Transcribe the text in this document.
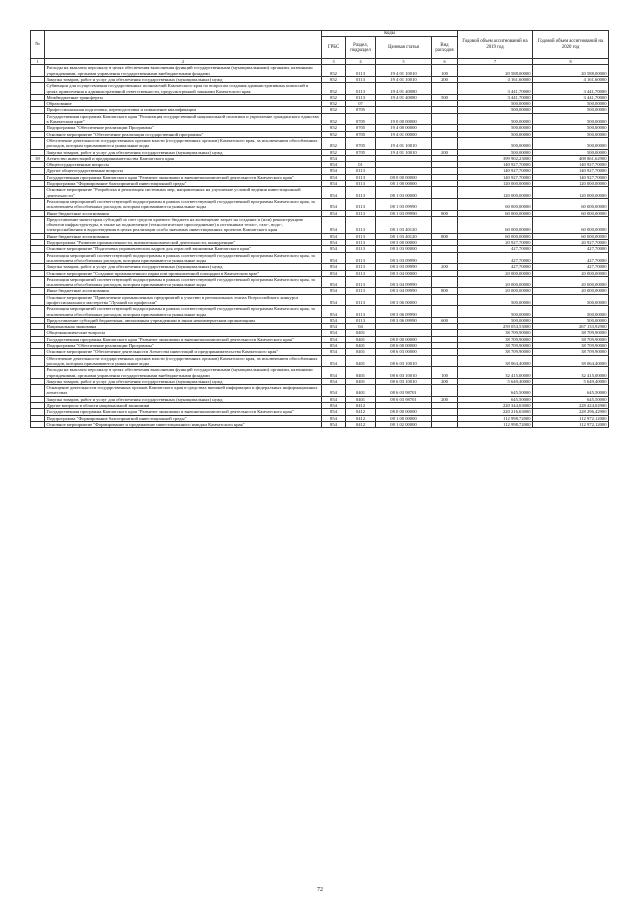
№		Коды				Годовой объем ассигнований на 2019 год	Годовой объем ассигнований на 2020 год
		ГРБС	Раздел, подраздел	Целевая статья	Вид расходов		
1	2	3	4	5	6	7	8
	Расходы на выплаты персоналу в целях обеспечения выполнения функций государственными (муниципальными) органами, казенными учреждениями, органами управления государственными внебюджетными фондами	852	0113	19 4 01 10010	100	20 588,00000	20 588,00000
	Закупка товаров, работ и услуг для обеспечения государственных (муниципальных) нужд	852	0113	19 4 01 10010	200	4 161,60000	4 161,60000
	Субвенции для осуществления государственных полномочий Камчатского края по вопросам создания административных комиссий в целях привлечения к административной ответственности, предусмотренной законами Камчатского края	852	0113	19 4 01 40080		3 441,70000	3 441,70000
	Межбюджетные трансферты	852	0113	19 4 01 40080	500	3 441,70000	3 441,70000
	Образование	852	07			500,00000	500,00000
	Профессиональная подготовка, переподготовка и повышение квалификации	852	0705			500,00000	500,00000
	Государственная программа Камчатского края "Реализация государственной национальной политики и укрепление гражданского единства в Камчатском крае"	852	0705	19 0 00 00000		500,00000	500,00000
	Подпрограмма "Обеспечение реализации Программы"	852	0705	19 4 00 00000		500,00000	500,00000
	Основное мероприятие "Обеспечение реализации государственной программы"	852	0705	19 4 01 00000		500,00000	500,00000
	Обеспечение деятельности государственных органов власти (государственных органов) Камчатского края, за исключением обособленных расходов, которым присваиваются уникальные коды	852	0705	19 4 01 10010		500,00000	500,00000
	Закупка товаров, работ и услуг для обеспечения государственных (муниципальных) нужд	852	0705	19 4 01 10010	200	500,00000	500,00000
39	Агентство инвестиций и предпринимательства Камчатского края	854				399 902,23000	408 861,62900
	Общегосударственные вопросы	854	01			140 927,70000	140 927,70000
	Другие общегосударственные вопросы	854	0113			140 927,70000	140 927,70000
	Государственная программа Камчатского края "Развитие экономики и внешнеэкономической деятельности Камчатского края"	854	0113	08 0 00 00000		140 927,70000	140 927,70000
	Подпрограмма "Формирование благоприятной инвестиционной среды"	854	0113	08 1 00 00000		120 000,00000	120 000,00000
	Основное мероприятие "Разработка и реализация системных мер, направленных на улучшение условий ведения инвестиционной деятельности"	854	0113	08 1 03 00000		120 000,00000	120 000,00000
	Реализация мероприятий соответствующей подпрограммы в рамках соответствующей государственной программы Камчатского края, за исключением обособленных расходов, которым присваиваются уникальные коды	854	0113	08 1 03 09990		60 000,00000	60 000,00000
	Иные бюджетные ассигнования	854	0113	08 1 03 09990	800	60 000,00000	60 000,00000
	Предоставление инвесторам субсидий за счет средств краевого бюджета на возмещение затрат на создание и (или) реконструкцию объектов инфраструктуры, в также на подключение (технологическое присоединение) к источникам тепло-, газо-, водо-, электроснабжения и водоотведения в целях реализации особо значимых инвестиционных проектов Камчатского края	854	0113	08 1 03 40120		60 000,00000	60 000,00000
	Иные бюджетные ассигнования	854	0113	08 1 03 40120	800	60 000,00000	60 000,00000
	Подпрограмма "Развитие промышленности, внешнеэкономической деятельности, конкуренции"	854	0113	08 3 00 00000		20 927,70000	20 927,70000
	Основное мероприятие "Подготовка управленческих кадров для отраслей экономики Камчатского края"	854	0113	08 3 03 00000		427,70000	427,70000
	Реализация мероприятий соответствующей подпрограммы в рамках соответствующей государственной программы Камчатского края, за исключением обособленных расходов, которым присваиваются уникальные коды	854	0113	08 3 03 09990		427,70000	427,70000
	Закупка товаров, работ и услуг для обеспечения государственных (муниципальных) нужд	854	0113	08 3 03 09990	200	427,70000	427,70000
	Основное мероприятие "Создание промышленного парка или промышленной площадки в Камчатском крае"	854	0113	08 3 04 00000		20 000,00000	20 000,00000
	Реализация мероприятий соответствующей подпрограммы в рамках соответствующей государственной программы Камчатского края, за исключением обособленных расходов, которым присваиваются уникальные коды	854	0113	08 3 04 09990		20 000,00000	20 000,00000
	Иные бюджетные ассигнования	854	0113	08 3 04 09990	800	20 000,00000	20 000,00000
	Основное мероприятие "Привлечение промышленных предприятий к участию в региональных этапах Всероссийского конкурса профессионального мастерства "Лучший по профессии"	854	0113	08 3 06 00000		500,00000	500,00000
	Реализация мероприятий соответствующей подпрограммы в рамках соответствующей государственной программы Камчатского края, за исключением обособленных расходов, которым присваиваются уникальные коды	854	0113	08 3 06 09990		500,00000	500,00000
	Предоставление субсидий бюджетным, автономным учреждениям и иным некоммерческим организациям	854	0113	08 3 06 09990	600	500,00000	500,00000
	Национальная экономика	854	04			259 054,53000	267 133,92900
	Общеэкономические вопросы	854	0401			38 709,90000	38 709,90000
	Государственная программа Камчатского края "Развитие экономики и внешнеэкономической деятельности Камчатского края"	854	0401	08 0 00 00000		38 709,90000	38 709,90000
	Подпрограмма "Обеспечение реализации Программы"	854	0401	08 6 00 00000		38 709,90000	38 709,90000
	Основное мероприятие "Обеспечение деятельности Агентства инвестиций и предпринимательства Камчатского края"	854	0401	08 6 03 00000		38 709,90000	38 709,90000
	Обеспечение деятельности государственных органов власти (государственных органов) Камчатского края, за исключением обособленных расходов, которым присваиваются уникальные коды	854	0401	08 6 03 10010		38 064,40000	38 064,40000
	Расходы на выплаты персоналу в целях обеспечения выполнения функций государственными (муниципальными) органами, казенными учреждениями, органами управления государственными внебюджетными фондами	854	0401	08 6 03 10010	100	32 415,00000	32 415,00000
	Закупка товаров, работ и услуг для обеспечения государственных (муниципальных) нужд	854	0401	08 6 03 10010	200	5 649,40000	5 649,40000
	Оснащение деятельности государственных органов Камчатского края в средствах внешней информации и федеральных информационных агентствах	854	0401	08 6 03 98701		645,50000	645,50000
	Закупка товаров, работ и услуг для обеспечения государственных (муниципальных) нужд	854	0401	08 6 03 98701	200	645,50000	645,50000
	Другие вопросы в области национальной экономики	854	0412			220 344,63000	228 424,02900
	Государственная программа Камчатского края "Развитие экономики и внешнеэкономической деятельности Камчатского края"	854	0412	08 0 00 00000		220 216,63000	228 296,42900
	Подпрограмма "Формирование благоприятной инвестиционной среды"	854	0412	08 1 00 00000		112 998,72000	112 972,12000
	Основное мероприятие "Формирование и продвижение инвестиционного имиджа Камчатского края"	854	0412	08 1 02 00000		112 998,72000	112 972,12000
72
